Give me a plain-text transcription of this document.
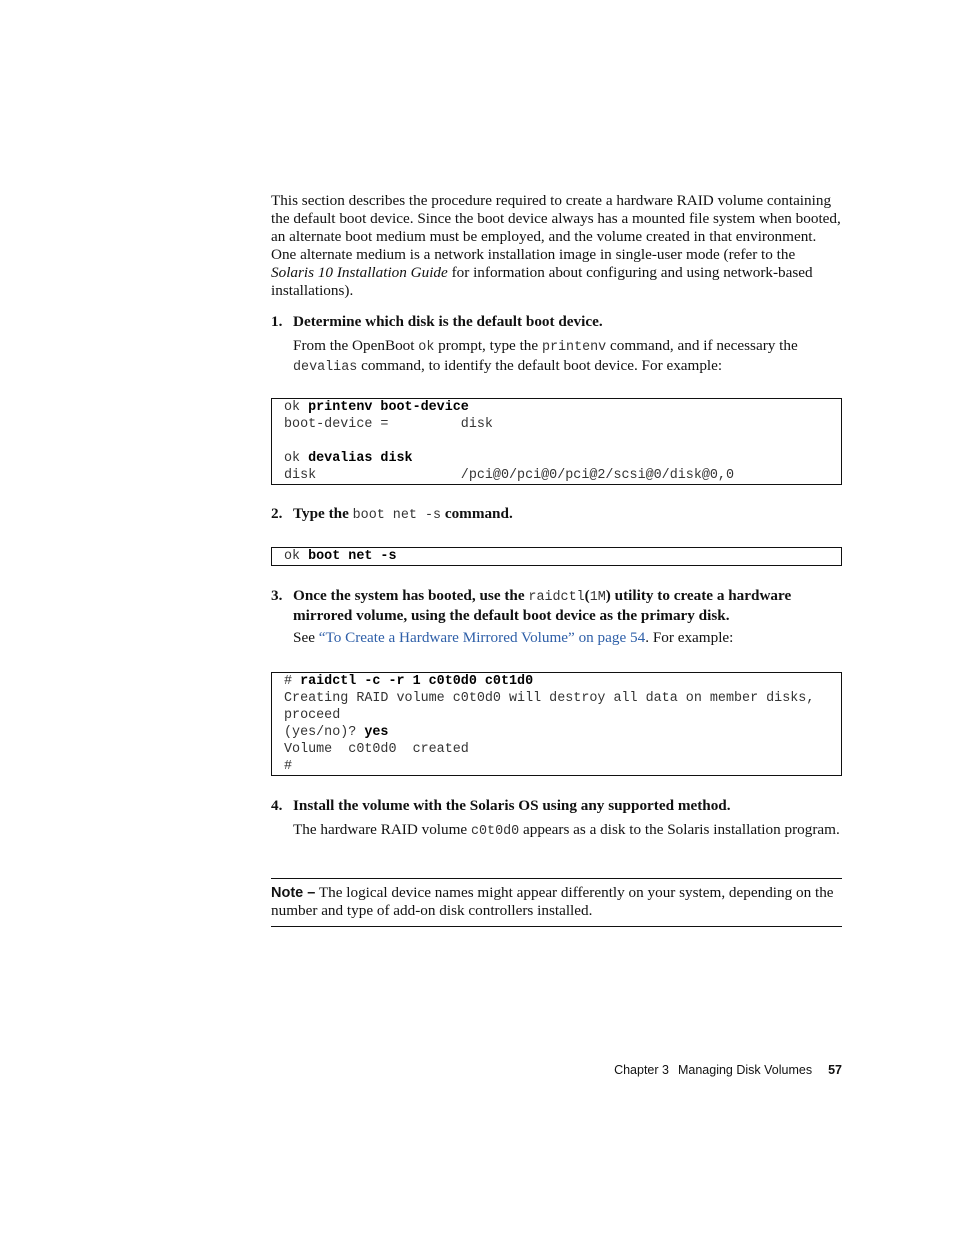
This section describes the procedure required to create a hardware RAID volume containing the default boot device. Since the boot device always has a mounted file system when booted, an alternate boot medium must be employed, and the volume created in that environment. One alternate medium is a network installation image in single-user mode (refer to the Solaris 10 Installation Guide for information about configuring and using network-based installations).

1. Determine which disk is the default boot device.
From the OpenBoot ok prompt, type the printenv command, and if necessary the devalias command, to identify the default boot device. For example:
ok printenv boot-device
boot-device =         disk

ok devalias disk
disk                  /pci@0/pci@0/pci@2/scsi@0/disk@0,0
2. Type the boot net -s command.
ok boot net -s
3. Once the system has booted, use the raidctl(1M) utility to create a hardware mirrored volume, using the default boot device as the primary disk.
See “To Create a Hardware Mirrored Volume” on page 54. For example:
# raidctl -c -r 1 c0t0d0 c0t1d0
Creating RAID volume c0t0d0 will destroy all data on member disks,
proceed
(yes/no)? yes
Volume  c0t0d0  created
#
4. Install the volume with the Solaris OS using any supported method.
The hardware RAID volume c0t0d0 appears as a disk to the Solaris installation program.
Note – The logical device names might appear differently on your system, depending on the number and type of add-on disk controllers installed.
Chapter 3 Managing Disk Volumes 57
